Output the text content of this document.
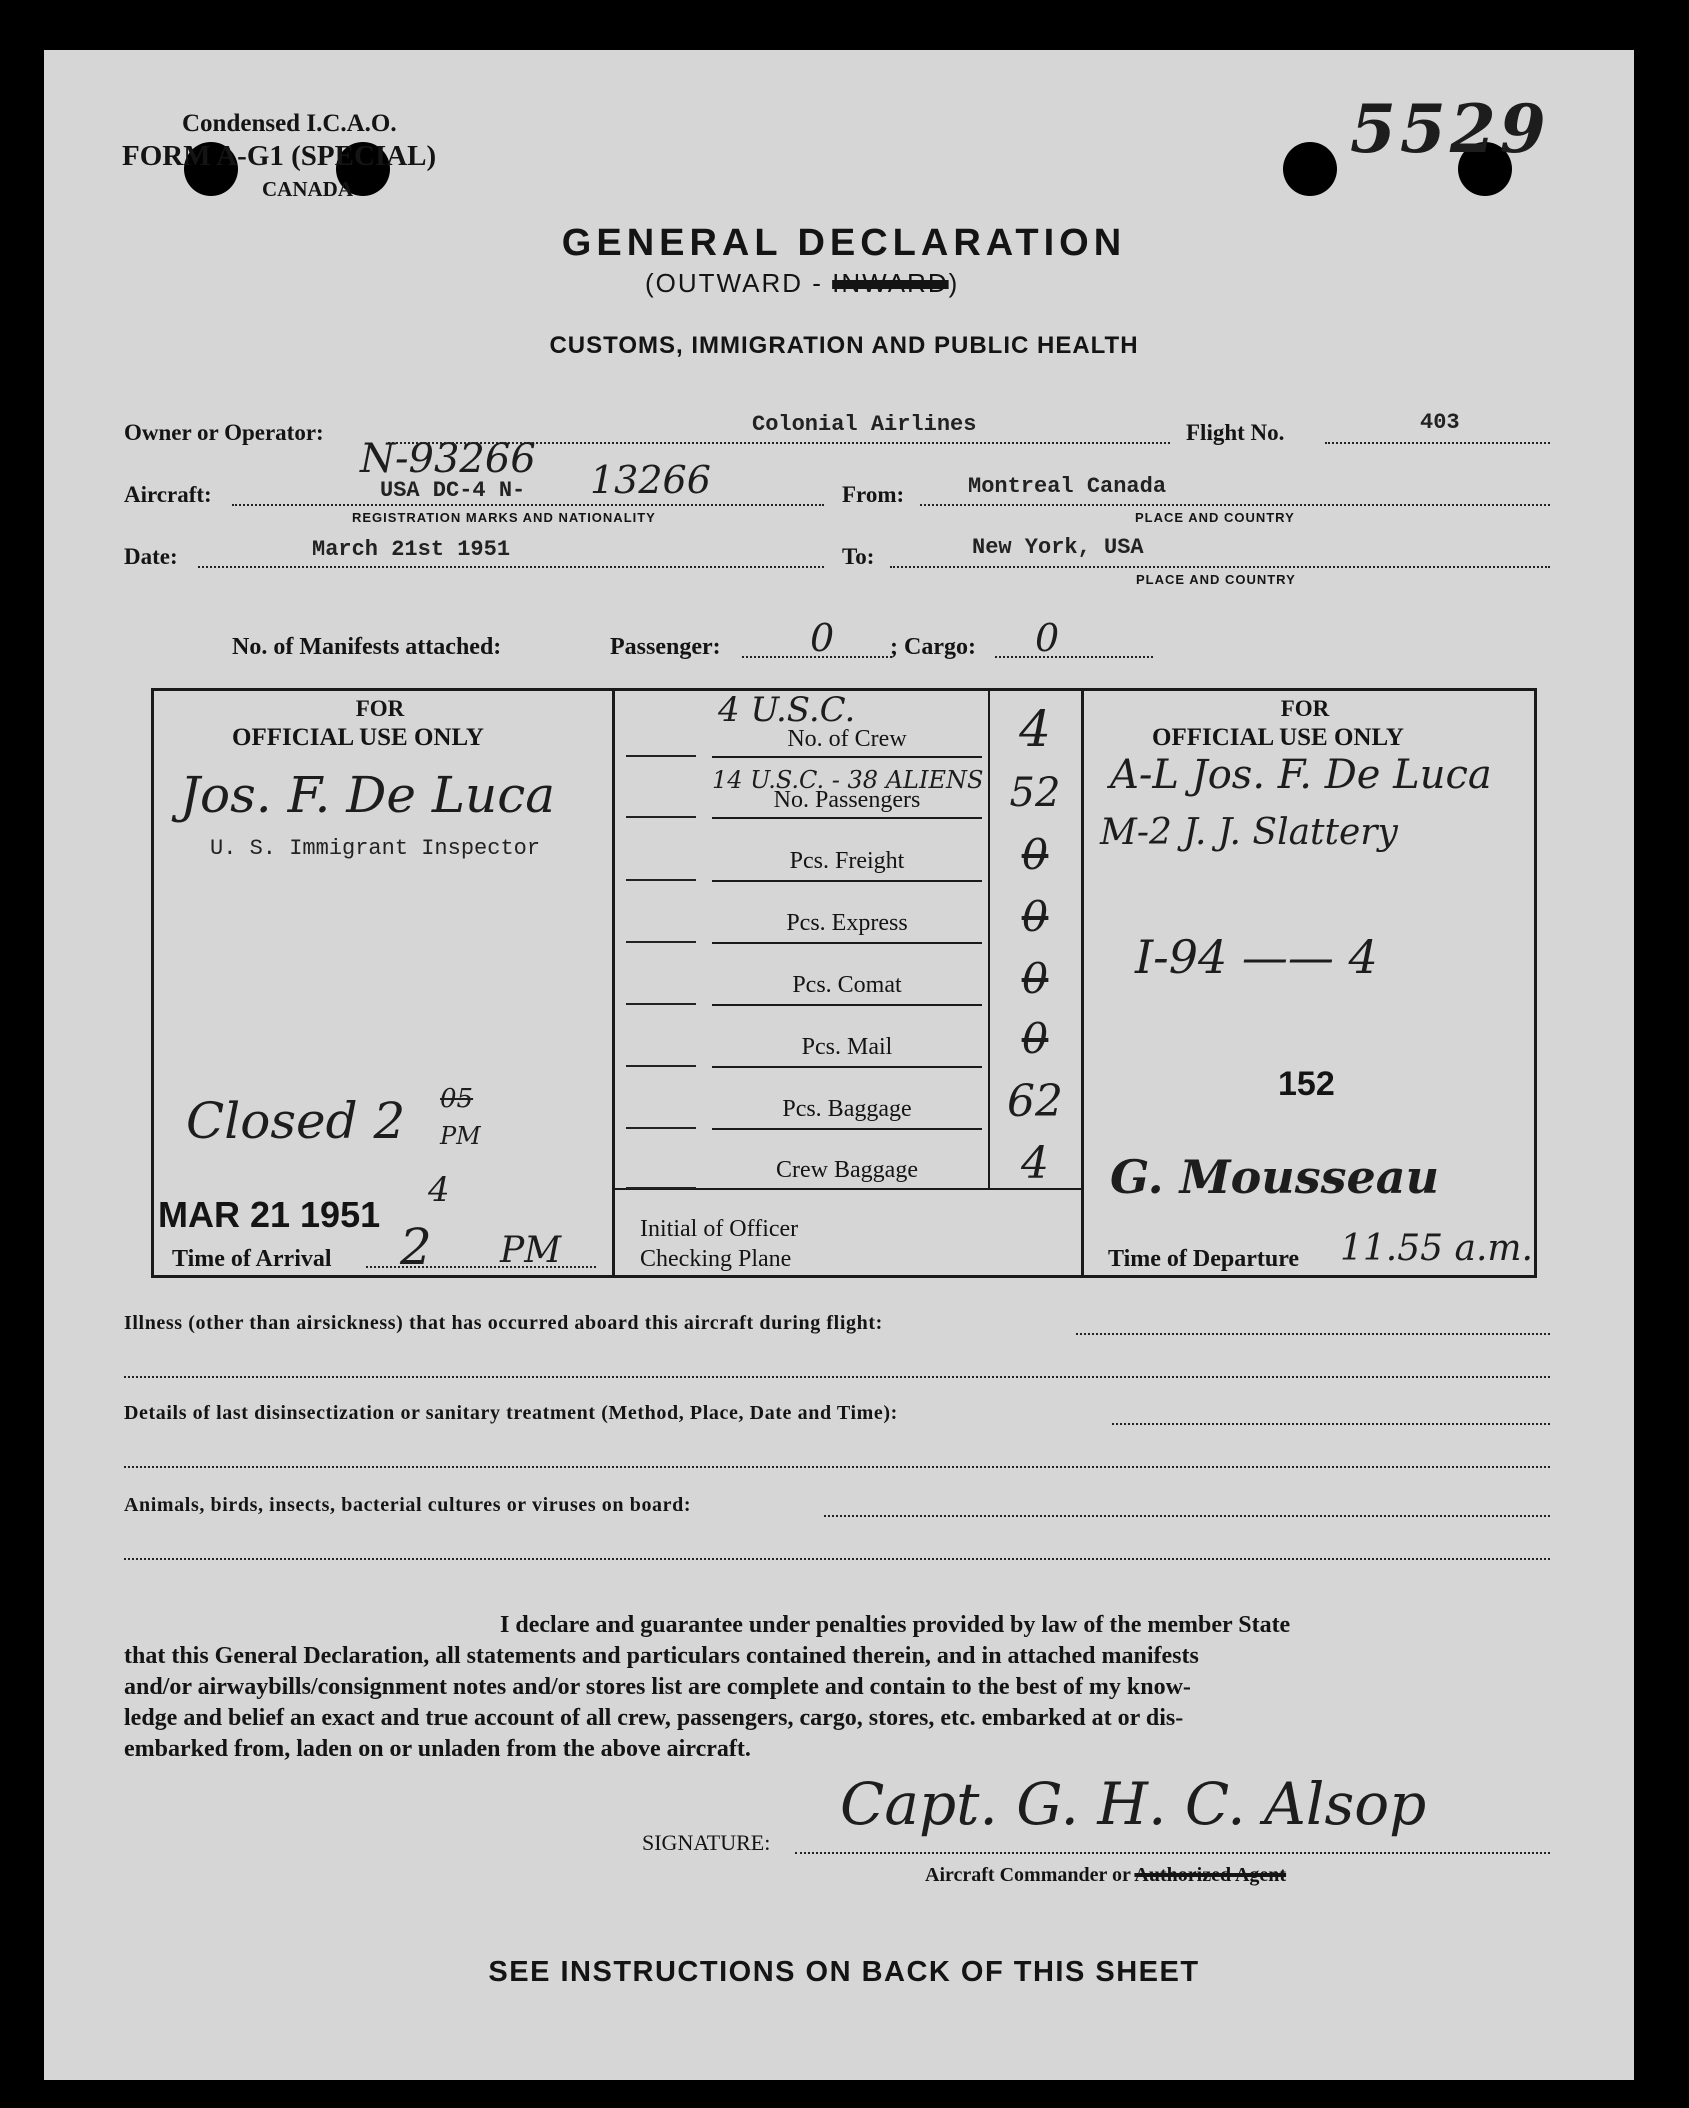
Condensed I.C.A.O.
FORM A-G1 (SPECIAL)
CANADA
5529
GENERAL DECLARATION
(OUTWARD - INWARD)
CUSTOMS, IMMIGRATION AND PUBLIC HEALTH
Owner or Operator:	Colonial Airlines	Flight No.	403
Aircraft:
N-93266
USA DC-4 N- 13266
REGISTRATION MARKS AND NATIONALITY
From:	Montreal Canada
PLACE AND COUNTRY
Date:	March 21st 1951	To:	New York, USA
PLACE AND COUNTRY
No. of Manifests attached:	Passenger: 0 ; Cargo: 0
FOR
OFFICIAL USE ONLY
Jos. F. De Luca
U. S. Immigrant Inspector
Closed 2 05
PM
MAR 21 1951
4
Time of Arrival 2 PM
4 U.S.C.
No. of Crew	4
14 U.S.C. - 38 ALIENS
No. Passengers	52
Pcs. Freight	0
Pcs. Express	0
Pcs. Comat	0
Pcs. Mail	0
Pcs. Baggage	62
Crew Baggage	4
Initial of Officer
Checking Plane
FOR
OFFICIAL USE ONLY
A-L Jos. F. De Luca
M-2 J. J. Slattery
I-94 —— 4
152
G. Mousseau
Time of Departure 11.55 a.m.
Illness (other than airsickness) that has occurred aboard this aircraft during flight:
Details of last disinsectization or sanitary treatment (Method, Place, Date and Time):
Animals, birds, insects, bacterial cultures or viruses on board:
I declare and guarantee under penalties provided by law of the member State
that this General Declaration, all statements and particulars contained therein, and in attached manifests
and/or airwaybills/consignment notes and/or stores list are complete and contain to the best of my know-
ledge and belief an exact and true account of all crew, passengers, cargo, stores, etc. embarked at or dis-
embarked from, laden on or unladen from the above aircraft.
SIGNATURE:
Capt. G. H. C. Alsop
Aircraft Commander or Authorized Agent
SEE INSTRUCTIONS ON BACK OF THIS SHEET
